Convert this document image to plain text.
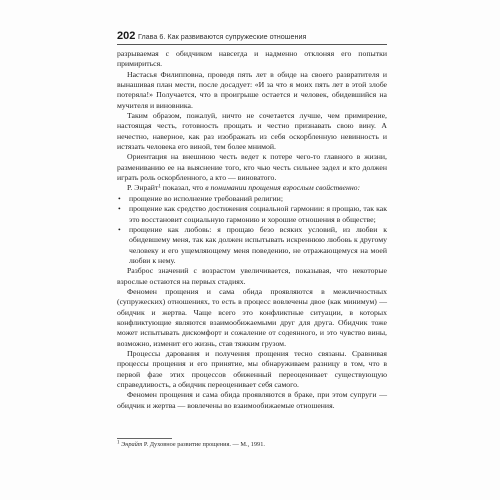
202 Глава 6. Как развиваются супружеские отношения

разрываемая с обидчиком навсегда и надменно отклоняя его попытки примириться.

Настасья Филипповна, проведя пять лет в обиде на своего развратителя и вынашивая план мести, после досадует: «И за что я моих пять лет в этой злобе потеряла!» Получается, что в проигрыше остается и человек, обидевшийся на мучителя и виновника.

Таким образом, пожалуй, ничто не сочетается лучше, чем примирение, настоящая честь, готовность прощать и честно признавать свою вину. А нечестно, наверное, как раз изображать из себя оскорбленную невинность и истязать человека его виной, тем более мнимой.

Ориентация на внешнюю честь ведет к потере чего-то главного в жизни, размениванию ее на выяснение того, кто чью честь сильнее задел и кто должен играть роль оскорбленного, а кто — виноватого.

Р. Энрайт$^1$ показал, что в понимании прощения взрослым свойственно:

• прощение во исполнение требований религии;
• прощение как средство достижения социальной гармонии: я прощаю, так как это восстановит социальную гармонию и хорошие отношения в обществе;
• прощение как любовь: я прощаю безо всяких условий, из любви к обидевшему меня, так как должен испытывать искреннюю любовь к другому человеку и его ущемляющему меня поведению, не отражающемуся на моей любви к нему.

Разброс значений с возрастом увеличивается, показывая, что некоторые взрослые остаются на первых стадиях.

Феномен прощения и сама обида проявляются в межличностных (супружеских) отношениях, то есть в процесс вовлечены двое (как минимум) — обидчик и жертва. Чаще всего это конфликтные ситуации, в которых конфликтующие являются взаимообижаемыми друг для друга. Обидчик тоже может испытывать дискомфорт и сожаление от содеянного, и это чувство вины, возможно, изменит его жизнь, став тяжким грузом.

Процессы дарования и получения прощения тесно связаны. Сравнивая процессы прощения и его принятие, мы обнаруживаем разницу в том, что в первой фазе этих процессов обиженный переоценивает существующую справедливость, а обидчик переоценивает себя самого.

Феномен прощения и сама обида проявляются в браке, при этом супруги — обидчик и жертва — вовлечены во взаимообижаемые отношения.

$^1$ Энрайт Р. Духовное развитие прощения. — М., 1991.
